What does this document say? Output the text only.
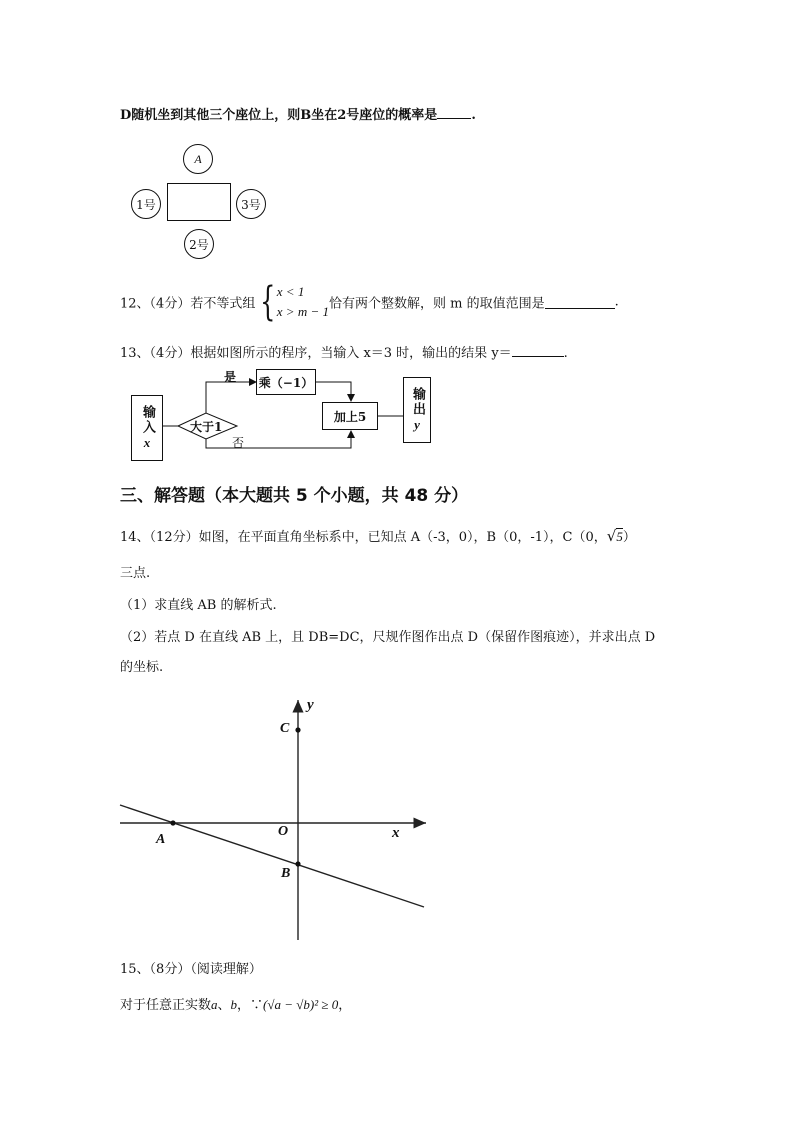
D随机坐到其他三个座位上，则B坐在2号座位的概率是	.
A
1号	3号
2号
12、（4分）若不等式组 { x < 1
x > m − 1 恰有两个整数解，则 m 的取值范围是	.
13、（4分）根据如图所示的程序，当输入 x＝3 时，输出的结果 y＝	.
输入
x
大于1
是
否
乘（−1）
加上5	输出
y
三、解答题（本大题共 5 个小题，共 48 分）
14、（12分）如图，在平面直角坐标系中，已知点 A（-3，0），B（0，-1），C（0，√5）
三点.
（1）求直线 AB 的解析式.
（2）若点 D 在直线 AB 上，且 DB=DC，尺规作图作出点 D（保留作图痕迹），并求出点 D
的坐标.
y
x
O
C
A
B
15、（8分）（阅读理解）
对于任意正实数a、b，∵(√a − √b)² ≥ 0，
